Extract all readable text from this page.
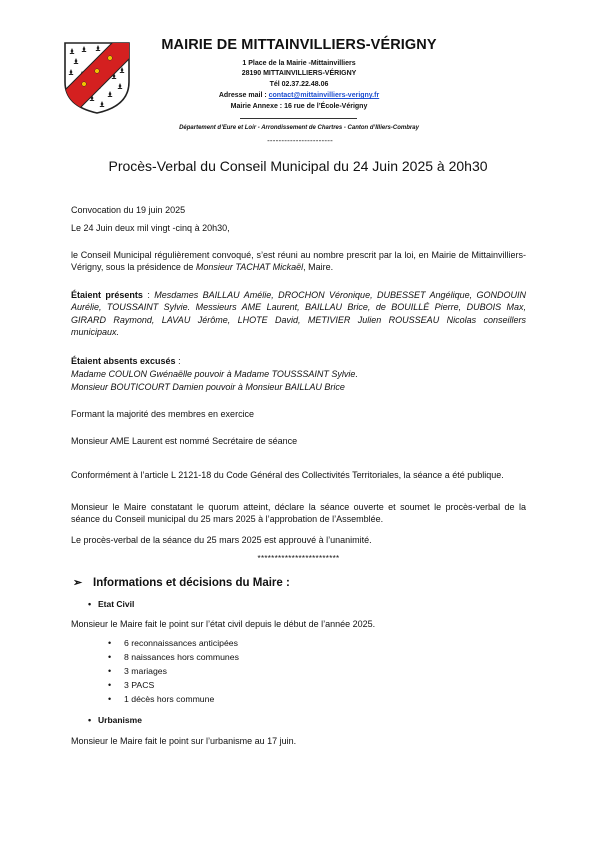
MAIRIE DE MITTAINVILLIERS-VÉRIGNY
1 Place de la Mairie -Mittainvilliers
28190 MITTAINVILLIERS-VÉRIGNY
Tél 02.37.22.48.06
Adresse mail : contact@mittainvilliers-verigny.fr
Mairie Annexe : 16 rue de l’École-Vérigny
Département d’Eure et Loir - Arrondissement de Chartres - Canton d’Illiers-Combray
-----------------------
Procès-Verbal du Conseil Municipal du 24 Juin 2025 à 20h30
Convocation du 19 juin 2025
Le 24 Juin deux mil vingt -cinq à 20h30,
le Conseil Municipal régulièrement convoqué, s’est réuni au nombre prescrit par la loi, en Mairie de Mittainvilliers-Vérigny, sous la présidence de Monsieur TACHAT Mickaël, Maire.
Étaient présents : Mesdames BAILLAU Amélie, DROCHON Véronique, DUBESSET Angélique, GONDOUIN Aurélie, TOUSSAINT Sylvie. Messieurs AME Laurent, BAILLAU Brice, de BOUILLÉ Pierre, DUBOIS Max, GIRARD Raymond, LAVAU Jérôme, LHOTE David, METIVIER Julien ROUSSEAU Nicolas conseillers municipaux.
Étaient absents excusés :
Madame COULON Gwénaëlle pouvoir à Madame TOUSSSAINT Sylvie.
Monsieur BOUTICOURT Damien pouvoir à Monsieur BAILLAU Brice
Formant la majorité des membres en exercice
Monsieur AME Laurent est nommé Secrétaire de séance
Conformément à l’article L 2121-18 du Code Général des Collectivités Territoriales, la séance a été publique.
Monsieur le Maire constatant le quorum atteint, déclare la séance ouverte et soumet le procès-verbal de la séance du Conseil municipal du 25 mars 2025 à l’approbation de l’Assemblée.
Le procès-verbal de la séance du 25 mars 2025 est approuvé à l’unanimité.
************************
➢ Informations et décisions du Maire :
• Etat Civil
Monsieur le Maire fait le point sur l’état civil depuis le début de l’année 2025.
• 6 reconnaissances anticipées
• 8 naissances hors communes
• 3 mariages
• 3 PACS
• 1 décès hors commune
• Urbanisme
Monsieur le Maire fait le point sur l’urbanisme au 17 juin.
